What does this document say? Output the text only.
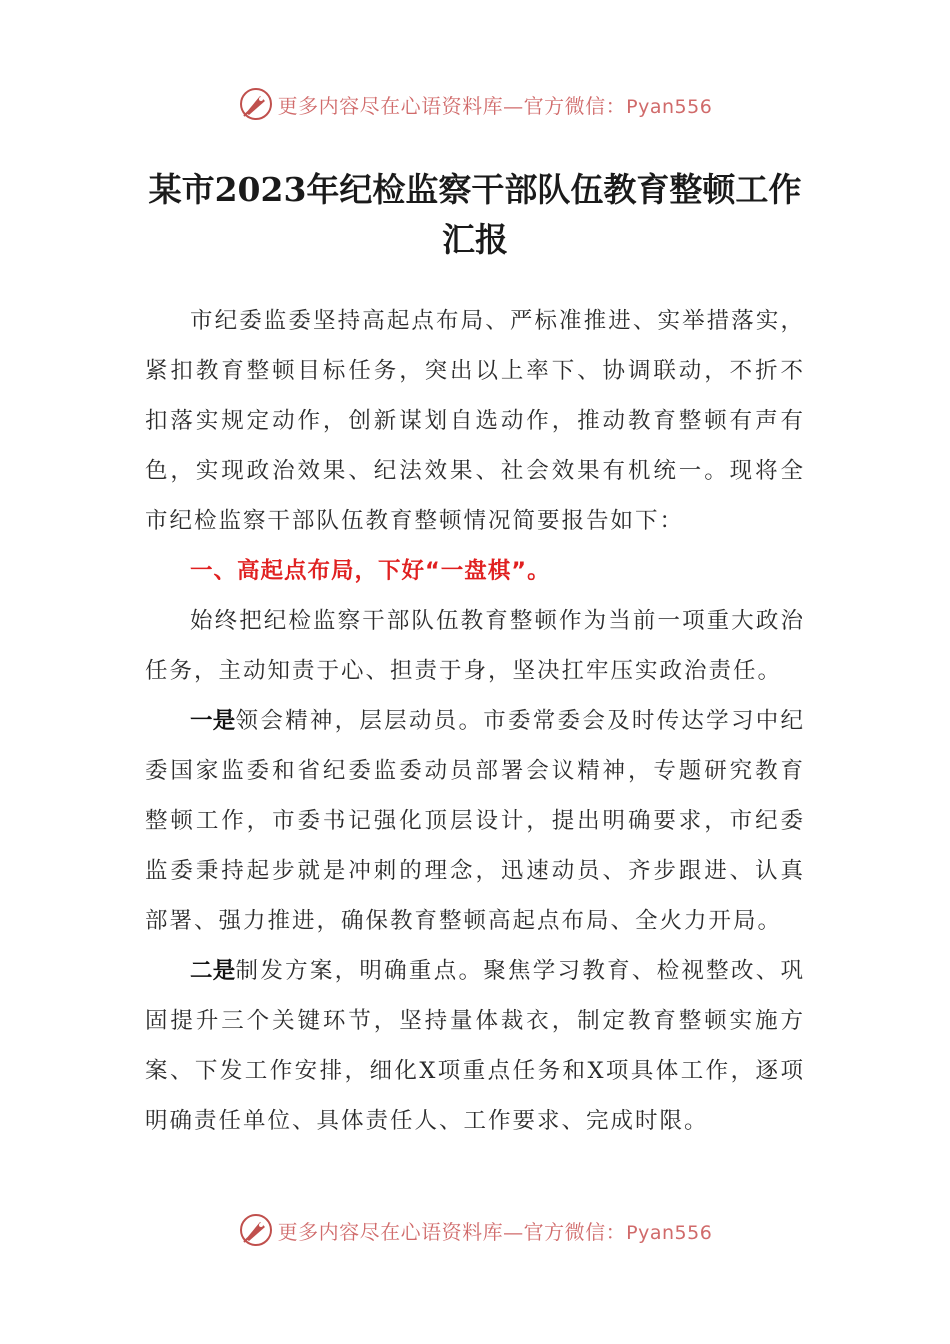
更多内容尽在心语资料库—官方微信：Pyan556
某市2023年纪检监察干部队伍教育整顿工作汇报

市纪委监委坚持高起点布局、严标准推进、实举措落实，紧扣教育整顿目标任务，突出以上率下、协调联动，不折不扣落实规定动作，创新谋划自选动作，推动教育整顿有声有色，实现政治效果、纪法效果、社会效果有机统一。现将全市纪检监察干部队伍教育整顿情况简要报告如下：

一、高起点布局，下好“一盘棋”。

始终把纪检监察干部队伍教育整顿作为当前一项重大政治任务，主动知责于心、担责于身，坚决扛牢压实政治责任。

一是领会精神，层层动员。市委常委会及时传达学习中纪委国家监委和省纪委监委动员部署会议精神，专题研究教育整顿工作，市委书记强化顶层设计，提出明确要求，市纪委监委秉持起步就是冲刺的理念，迅速动员、齐步跟进、认真部署、强力推进，确保教育整顿高起点布局、全火力开局。

二是制发方案，明确重点。聚焦学习教育、检视整改、巩固提升三个关键环节，坚持量体裁衣，制定教育整顿实施方案、下发工作安排，细化X项重点任务和X项具体工作，逐项明确责任单位、具体责任人、工作要求、完成时限。

更多内容尽在心语资料库—官方微信：Pyan556
